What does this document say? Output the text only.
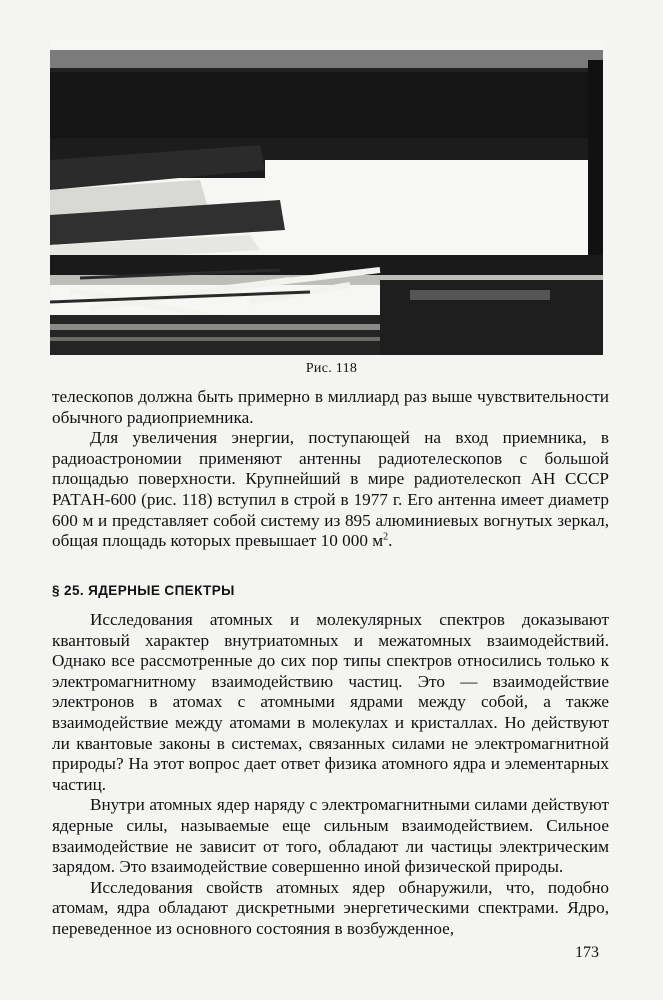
Рис. 118

телескопов должна быть примерно в миллиард раз выше чувствительности обычного радиоприемника.

Для увеличения энергии, поступающей на вход приемника, в радиоастрономии применяют антенны радиотелескопов с большой площадью поверхности. Крупнейший в мире радиотелескоп АН СССР РАТАН-600 (рис. 118) вступил в строй в 1977 г. Его антенна имеет диаметр 600 м и представляет собой систему из 895 алюминиевых вогнутых зеркал, общая площадь которых превышает 10 000 $м^2$.

§ 25. ЯДЕРНЫЕ СПЕКТРЫ

Исследования атомных и молекулярных спектров доказывают квантовый характер внутриатомных и межатомных взаимодействий. Однако все рассмотренные до сих пор типы спектров относились только к электромагнитному взаимодействию частиц. Это — взаимодействие электронов в атомах с атомными ядрами между собой, а также взаимодействие между атомами в молекулах и кристаллах. Но действуют ли квантовые законы в системах, связанных силами не электромагнитной природы? На этот вопрос дает ответ физика атомного ядра и элементарных частиц.

Внутри атомных ядер наряду с электромагнитными силами действуют ядерные силы, называемые еще сильным взаимодействием. Сильное взаимодействие не зависит от того, обладают ли частицы электрическим зарядом. Это взаимодействие совершенно иной физической природы.

Исследования свойств атомных ядер обнаружили, что, подобно атомам, ядра обладают дискретными энергетическими спектрами. Ядро, переведенное из основного состояния в возбужденное,

173
